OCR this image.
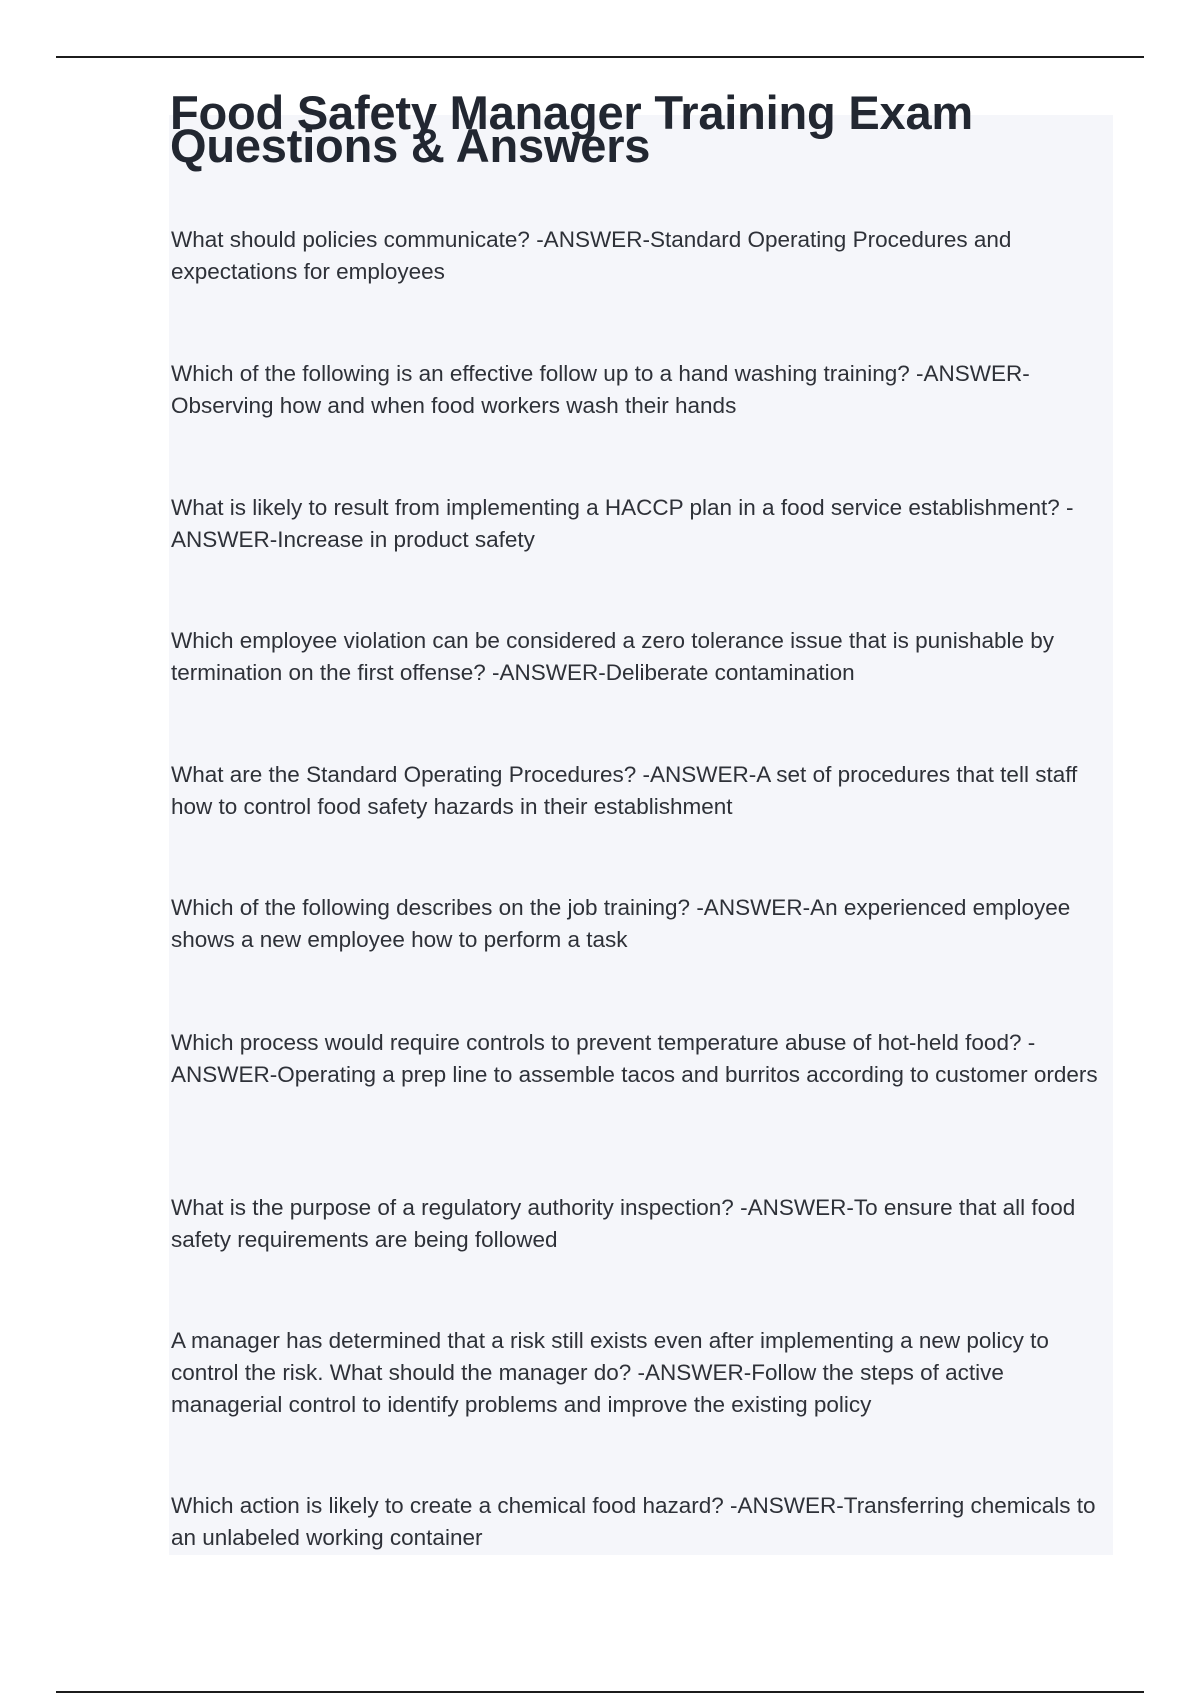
Food Safety Manager Training Exam Questions & Answers
What should policies communicate? -ANSWER-Standard Operating Procedures and expectations for employees
Which of the following is an effective follow up to a hand washing training? -ANSWER-Observing how and when food workers wash their hands
What is likely to result from implementing a HACCP plan in a food service establishment? -ANSWER-Increase in product safety
Which employee violation can be considered a zero tolerance issue that is punishable by termination on the first offense? -ANSWER-Deliberate contamination
What are the Standard Operating Procedures? -ANSWER-A set of procedures that tell staff how to control food safety hazards in their establishment
Which of the following describes on the job training? -ANSWER-An experienced employee shows a new employee how to perform a task
Which process would require controls to prevent temperature abuse of hot-held food? -ANSWER-Operating a prep line to assemble tacos and burritos according to customer orders
What is the purpose of a regulatory authority inspection? -ANSWER-To ensure that all food safety requirements are being followed
A manager has determined that a risk still exists even after implementing a new policy to control the risk. What should the manager do? -ANSWER-Follow the steps of active managerial control to identify problems and improve the existing policy
Which action is likely to create a chemical food hazard? -ANSWER-Transferring chemicals to an unlabeled working container
